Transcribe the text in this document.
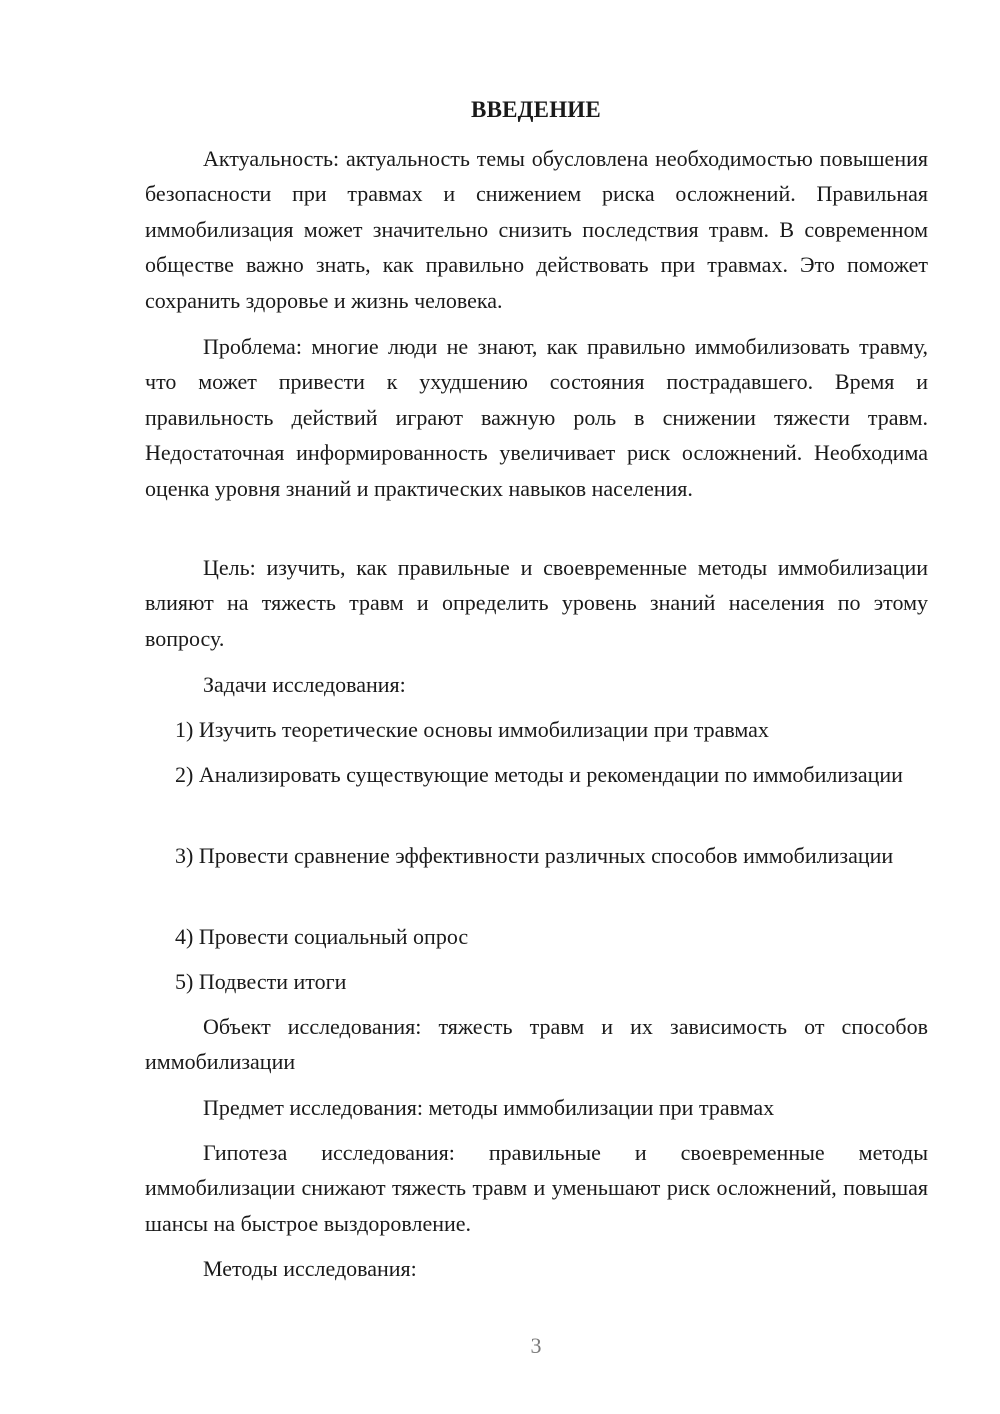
ВВЕДЕНИЕ
Актуальность: актуальность темы обусловлена необходимостью повышения безопасности при травмах и снижением риска осложнений. Правильная иммобилизация может значительно снизить последствия травм. В современном обществе важно знать, как правильно действовать при травмах. Это поможет сохранить здоровье и жизнь человека.
Проблема: многие люди не знают, как правильно иммобилизовать травму, что может привести к ухудшению состояния пострадавшего. Время и правильность действий играют важную роль в снижении тяжести травм. Недостаточная информированность увеличивает риск осложнений. Необходима оценка уровня знаний и практических навыков населения.
Цель: изучить, как правильные и своевременные методы иммобилизации влияют на тяжесть травм и определить уровень знаний населения по этому вопросу.
Задачи исследования:
1) Изучить теоретические основы иммобилизации при травмах
2) Анализировать существующие методы и рекомендации по иммобилизации
3) Провести сравнение эффективности различных способов иммобилизации
4) Провести социальный опрос
5) Подвести итоги
Объект исследования: тяжесть травм и их зависимость от способов иммобилизации
Предмет исследования: методы иммобилизации при травмах
Гипотеза исследования: правильные и своевременные методы иммобилизации снижают тяжесть травм и уменьшают риск осложнений, повышая шансы на быстрое выздоровление.
Методы исследования:
3
